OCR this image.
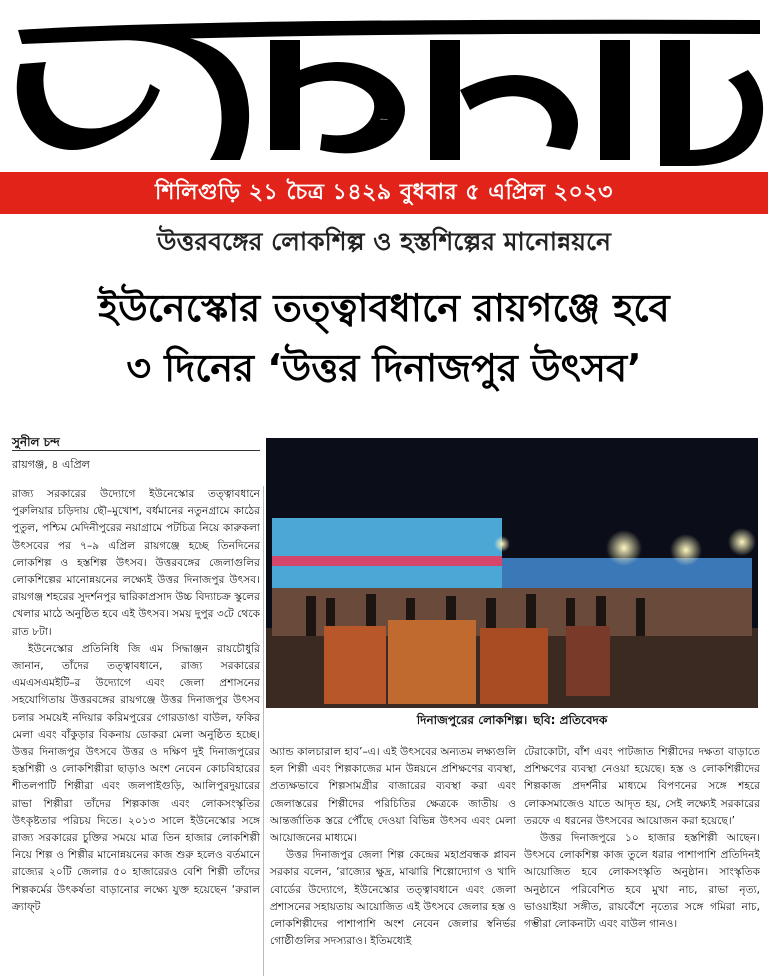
আজকাল
শিলিগুড়ি ২১ চৈত্র ১৪২৯ বুধবার ৫ এপ্রিল ২০২৩
উত্তরবঙ্গের লোকশিল্প ও হস্তশিল্পের মানোন্নয়নে
ইউনেস্কোর তত্ত্বাবধানে রায়গঞ্জে হবে
৩ দিনের ‘উত্তর দিনাজপুর উৎসব’
সুনীল চন্দ
রায়গঞ্জ, ৪ এপ্রিল

রাজ্য সরকারের উদ্যোগে ইউনেস্কোর তত্ত্বাবধানে পুরুলিয়ার চড়িদায় ছৌ–মুখোশ, বর্ধমানের নতুনগ্রামে কাঠের পুতুল, পশ্চিম মেদিনীপুরের নয়াগ্রামে পটচিত্র নিয়ে কারুকলা উৎসবের পর ৭–৯ এপ্রিল রায়গঞ্জে হচ্ছে তিনদিনের লোকশিল্প ও হস্তশিল্প উৎসব। উত্তরবঙ্গের জেলাগুলির লোকশিল্পের মানোন্নয়নের লক্ষ্যেই উত্তর দিনাজপুর উৎসব। রায়গঞ্জ শহরের সুদর্শনপুর দ্বারিকাপ্রসাদ উচ্চ বিদ্যাচক্র স্কুলের খেলার মাঠে অনুষ্ঠিত হবে এই উৎসব। সময় দুপুর ৩টে থেকে রাত ৮টা।

ইউনেস্কোর প্রতিনিধি জি এম সিদ্ধাঞ্জন রায়চৌধুরি জানান, তাঁদের তত্ত্বাবধানে, রাজ্য সরকারের এমএসএমইটি–র উদ্যোগে এবং জেলা প্রশাসনের সহযোগিতায় উত্তরবঙ্গের রায়গঞ্জে উত্তর দিনাজপুর উৎসব চলার সময়েই নদিয়ার করিমপুরের গোরডাঙা বাউল, ফকির মেলা এবং বাঁকুড়ার বিকনায় ডোকরা মেলা অনুষ্ঠিত হচ্ছে। উত্তর দিনাজপুর উৎসবে উত্তর ও দক্ষিণ দুই দিনাজপুরের হস্তশিল্পী ও লোকশিল্পীরা ছাড়াও অংশ নেবেন কোচবিহারের শীতলপাটি শিল্পীরা এবং জলপাইগুড়ি, আলিপুরদুয়ারের রাভা শিল্পীরা তাঁদের শিল্পকাজ এবং লোকসংস্কৃতির উৎকৃষ্টতার পরিচয় দিতে। ২০১৩ সালে ইউনেস্কোর সঙ্গে রাজ্য সরকারের চুক্তির সময়ে মাত্র তিন হাজার লোকশিল্পী নিয়ে শিল্প ও শিল্পীর মানোন্নয়নের কাজ শুরু হলেও বর্তমানে রাজ্যের ২০টি জেলার ৫০ হাজারেরও বেশি শিল্পী তাঁদের শিল্পকর্মের উৎকর্ষতা বাড়ানোর লক্ষ্যে যুক্ত হয়েছেন ‘রুরাল ক্র্যাফ্‌ট

দিনাজপুরের লোকশিল্প। ছবি: প্রতিবেদক

অ্যান্ড কালচারাল হাব’–এ। এই উৎসবের অন্যতম লক্ষ্যগুলি হল শিল্পী এবং শিল্পকাজের মান উন্নয়নে প্রশিক্ষণের ব্যবস্থা, প্রত্যক্ষভাবে শিল্পসামগ্রীর বাজারের ব্যবস্থা করা এবং জেলাস্তরের শিল্পীদের পরিচিতির ক্ষেত্রকে জাতীয় ও আন্তর্জাতিক স্তরে পৌঁছে দেওয়া বিভিন্ন উৎসব এবং মেলা আয়োজনের মাধ্যমে।

উত্তর দিনাজপুর জেলা শিল্প কেন্দ্রের মহাপ্রবন্ধক প্লাবন সরকার বলেন, ‘রাজ্যের ক্ষুদ্র, মাঝারি শিল্পোদ্যোগ ও খাদি বোর্ডের উদ্যোগে, ইউনেস্কোর তত্ত্বাবধানে এবং জেলা প্রশাসনের সহায়তায় আয়োজিত এই উৎসবে জেলার হস্ত ও লোকশিল্পীদের পাশাপাশি অংশ নেবেন জেলার স্বনির্ভর গোষ্ঠীগুলির সদস্যরাও। ইতিমধ্যেই

টেরাকোটা, বাঁশ এবং পাটজাত শিল্পীদের দক্ষতা বাড়াতে প্রশিক্ষণের ব্যবস্থা নেওয়া হয়েছে। হস্ত ও লোকশিল্পীদের শিল্পকাজ প্রদর্শনীর মাধ্যমে বিপণনের সঙ্গে শহরে লোকসমাজেও যাতে আদৃত হয়, সেই লক্ষ্যেই সরকারের তরফে এ ধরনের উৎসবের আয়োজন করা হয়েছে।’

উত্তর দিনাজপুরে ১০ হাজার হস্তশিল্পী আছেন। উৎসবে লোকশিল্প কাজ তুলে ধরার পাশাপাশি প্রতিদিনই আয়োজিত হবে লোকসংস্কৃতি অনুষ্ঠান। সাংস্কৃতিক অনুষ্ঠানে পরিবেশিত হবে মুখা নাচ, রাভা নৃত্য, ভাওয়াইয়া সঙ্গীত, রায়বেঁশে নৃত্যের সঙ্গে গমিরা নাচ, গম্ভীরা লোকনাট্য এবং বাউল গানও।
